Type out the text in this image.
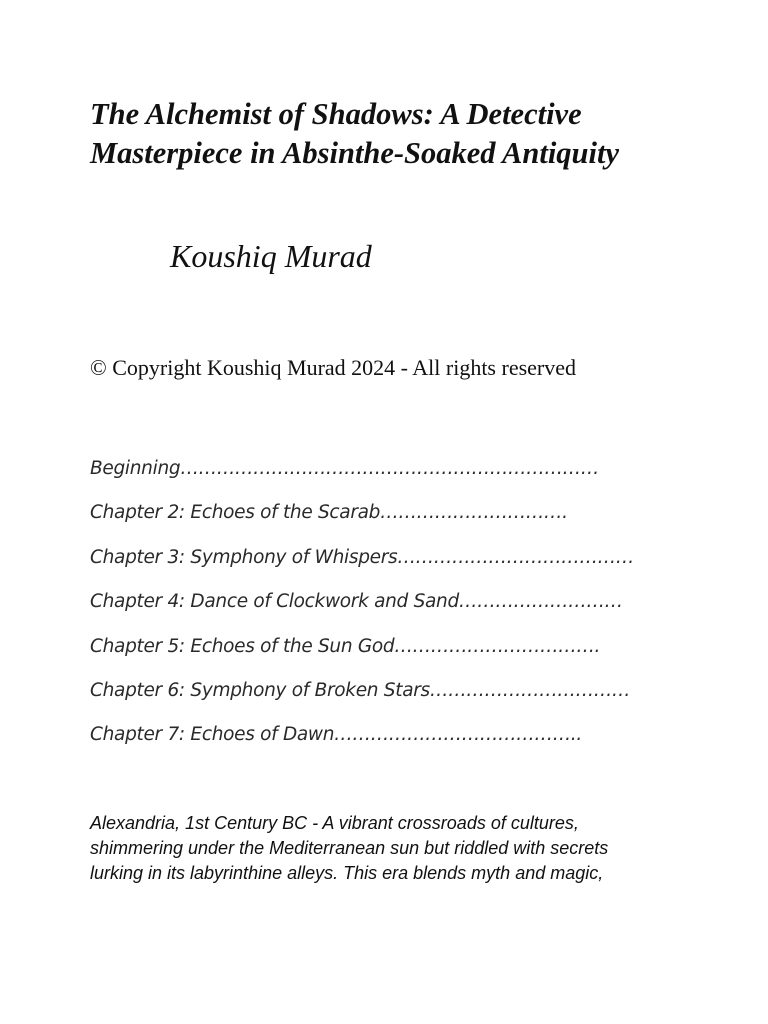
The Alchemist of Shadows: A Detective
Masterpiece in Absinthe-Soaked Antiquity

Koushiq Murad

© Copyright Koushiq Murad 2024 - All rights reserved

Beginning……………………………………………………………
Chapter 2: Echoes of the Scarab………………………….
Chapter 3: Symphony of Whispers…………………………………
Chapter 4: Dance of Clockwork and Sand………………………
Chapter 5: Echoes of the Sun God…………………………….
Chapter 6: Symphony of Broken Stars……………………………
Chapter 7: Echoes of Dawn…………………………………..

Alexandria, 1st Century BC - A vibrant crossroads of cultures,
shimmering under the Mediterranean sun but riddled with secrets
lurking in its labyrinthine alleys. This era blends myth and magic,
